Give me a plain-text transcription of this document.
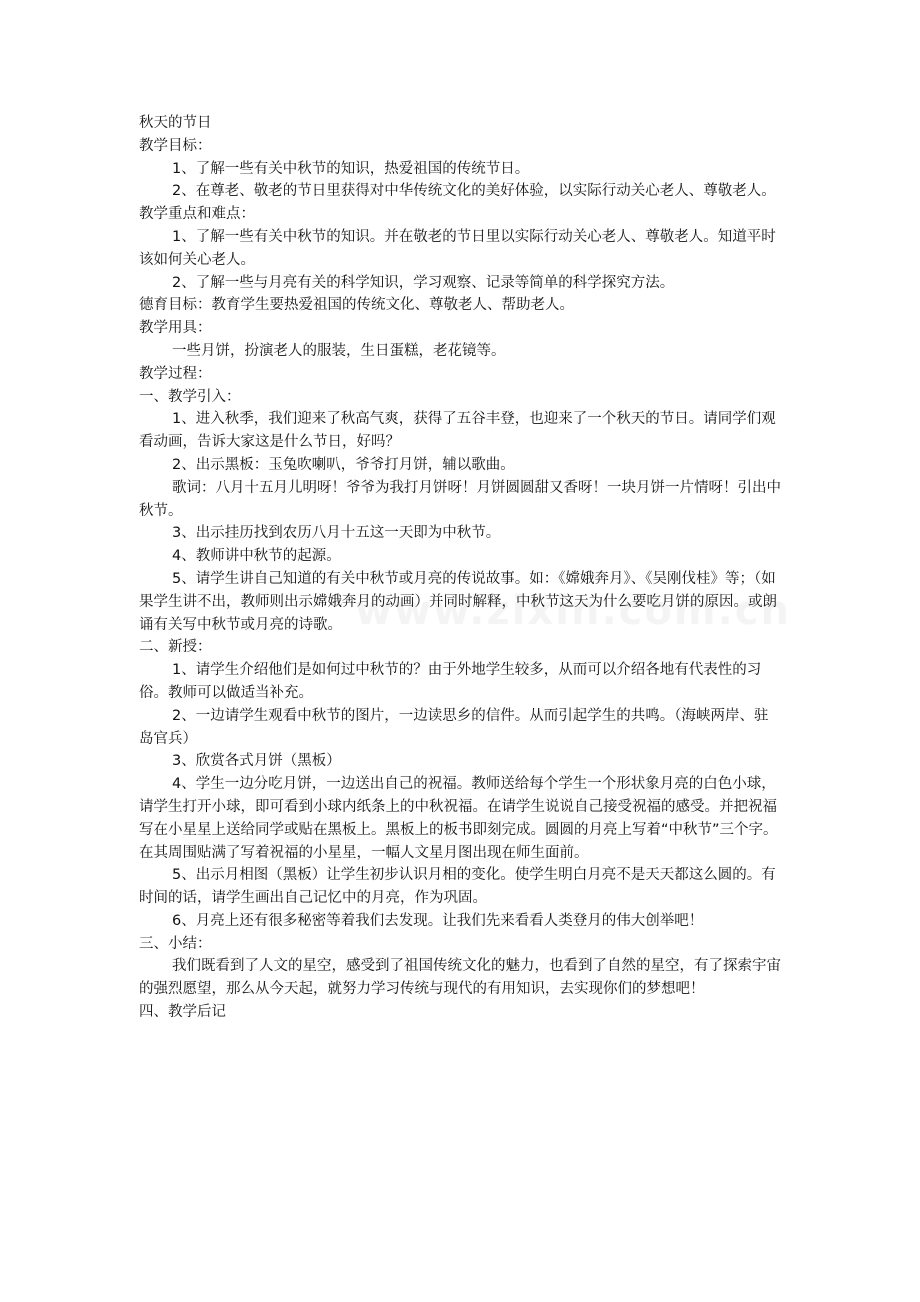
秋天的节日

教学目标：

1、了解一些有关中秋节的知识，热爱祖国的传统节日。

2、在尊老、敬老的节日里获得对中华传统文化的美好体验，以实际行动关心老人、尊敬老人。

教学重点和难点：

1、了解一些有关中秋节的知识。并在敬老的节日里以实际行动关心老人、尊敬老人。知道平时该如何关心老人。

2、了解一些与月亮有关的科学知识，学习观察、记录等简单的科学探究方法。

德育目标：教育学生要热爱祖国的传统文化、尊敬老人、帮助老人。

教学用具：

一些月饼，扮演老人的服装，生日蛋糕，老花镜等。

教学过程：

一、教学引入：

1、进入秋季，我们迎来了秋高气爽，获得了五谷丰登，也迎来了一个秋天的节日。请同学们观看动画，告诉大家这是什么节日，好吗？

2、出示黑板：玉兔吹喇叭，爷爷打月饼，辅以歌曲。

歌词：八月十五月儿明呀！爷爷为我打月饼呀！月饼圆圆甜又香呀！一块月饼一片情呀！引出中秋节。

3、出示挂历找到农历八月十五这一天即为中秋节。

4、教师讲中秋节的起源。

5、请学生讲自己知道的有关中秋节或月亮的传说故事。如：《嫦娥奔月》、《吴刚伐桂》等；（如果学生讲不出，教师则出示嫦娥奔月的动画）并同时解释，中秋节这天为什么要吃月饼的原因。或朗诵有关写中秋节或月亮的诗歌。

二、新授：

1、请学生介绍他们是如何过中秋节的？由于外地学生较多，从而可以介绍各地有代表性的习俗。教师可以做适当补充。

2、一边请学生观看中秋节的图片，一边读思乡的信件。从而引起学生的共鸣。（海峡两岸、驻岛官兵）

3、欣赏各式月饼（黑板）

4、学生一边分吃月饼，一边送出自己的祝福。教师送给每个学生一个形状象月亮的白色小球，请学生打开小球，即可看到小球内纸条上的中秋祝福。在请学生说说自己接受祝福的感受。并把祝福写在小星星上送给同学或贴在黑板上。黑板上的板书即刻完成。圆圆的月亮上写着“中秋节”三个字。在其周围贴满了写着祝福的小星星，一幅人文星月图出现在师生面前。

5、出示月相图（黑板）让学生初步认识月相的变化。使学生明白月亮不是天天都这么圆的。有时间的话，请学生画出自己记忆中的月亮，作为巩固。

6、月亮上还有很多秘密等着我们去发现。让我们先来看看人类登月的伟大创举吧！

三、小结：

我们既看到了人文的星空，感受到了祖国传统文化的魅力，也看到了自然的星空，有了探索宇宙的强烈愿望，那么从今天起，就努力学习传统与现代的有用知识，去实现你们的梦想吧！

四、教学后记
